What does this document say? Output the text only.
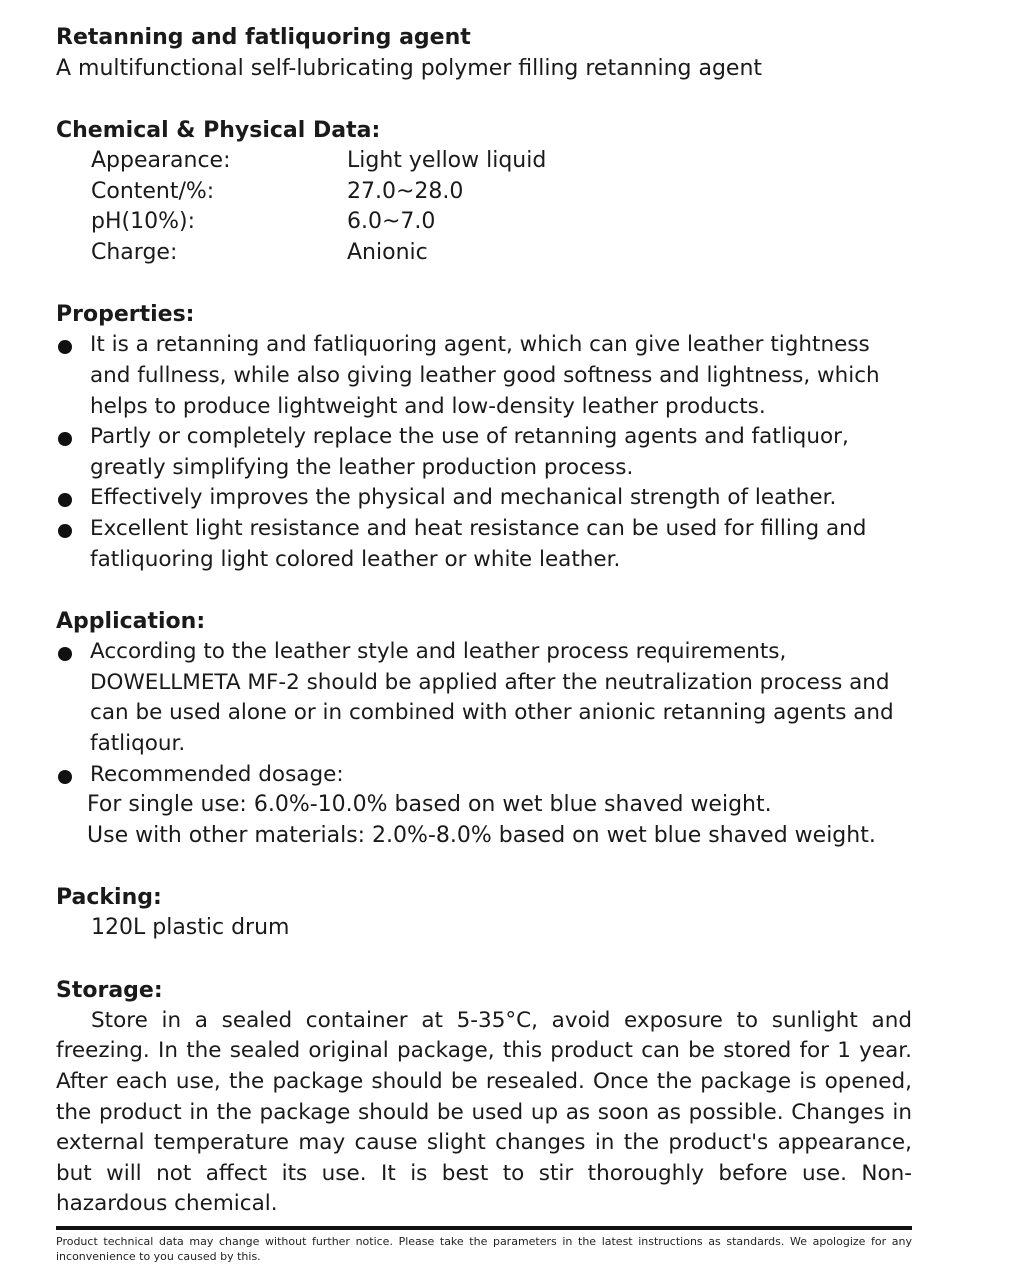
Retanning and fatliquoring agent
A multifunctional self-lubricating polymer filling retanning agent
Chemical & Physical Data:
Appearance:	Light yellow liquid
Content/%:	27.0~28.0
pH(10%):	6.0~7.0
Charge:	Anionic
Properties:
It is a retanning and fatliquoring agent, which can give leather tightness and fullness, while also giving leather good softness and lightness, which helps to produce lightweight and low-density leather products.
Partly or completely replace the use of retanning agents and fatliquor, greatly simplifying the leather production process.
Effectively improves the physical and mechanical strength of leather.
Excellent light resistance and heat resistance can be used for filling and fatliquoring light colored leather or white leather.
Application:
According to the leather style and leather process requirements, DOWELLMETA MF-2 should be applied after the neutralization process and can be used alone or in combined with other anionic retanning agents and fatliqour.
Recommended dosage:
For single use: 6.0%-10.0% based on wet blue shaved weight.
Use with other materials: 2.0%-8.0% based on wet blue shaved weight.
Packing:
120L plastic drum
Storage:

Store in a sealed container at 5-35°C, avoid exposure to sunlight and freezing. In the sealed original package, this product can be stored for 1 year. After each use, the package should be resealed. Once the package is opened, the product in the package should be used up as soon as possible. Changes in external temperature may cause slight changes in the product's appearance, but will not affect its use. It is best to stir thoroughly before use. Non-hazardous chemical.

Product technical data may change without further notice. Please take the parameters in the latest instructions as standards. We apologize for any inconvenience to you caused by this.
